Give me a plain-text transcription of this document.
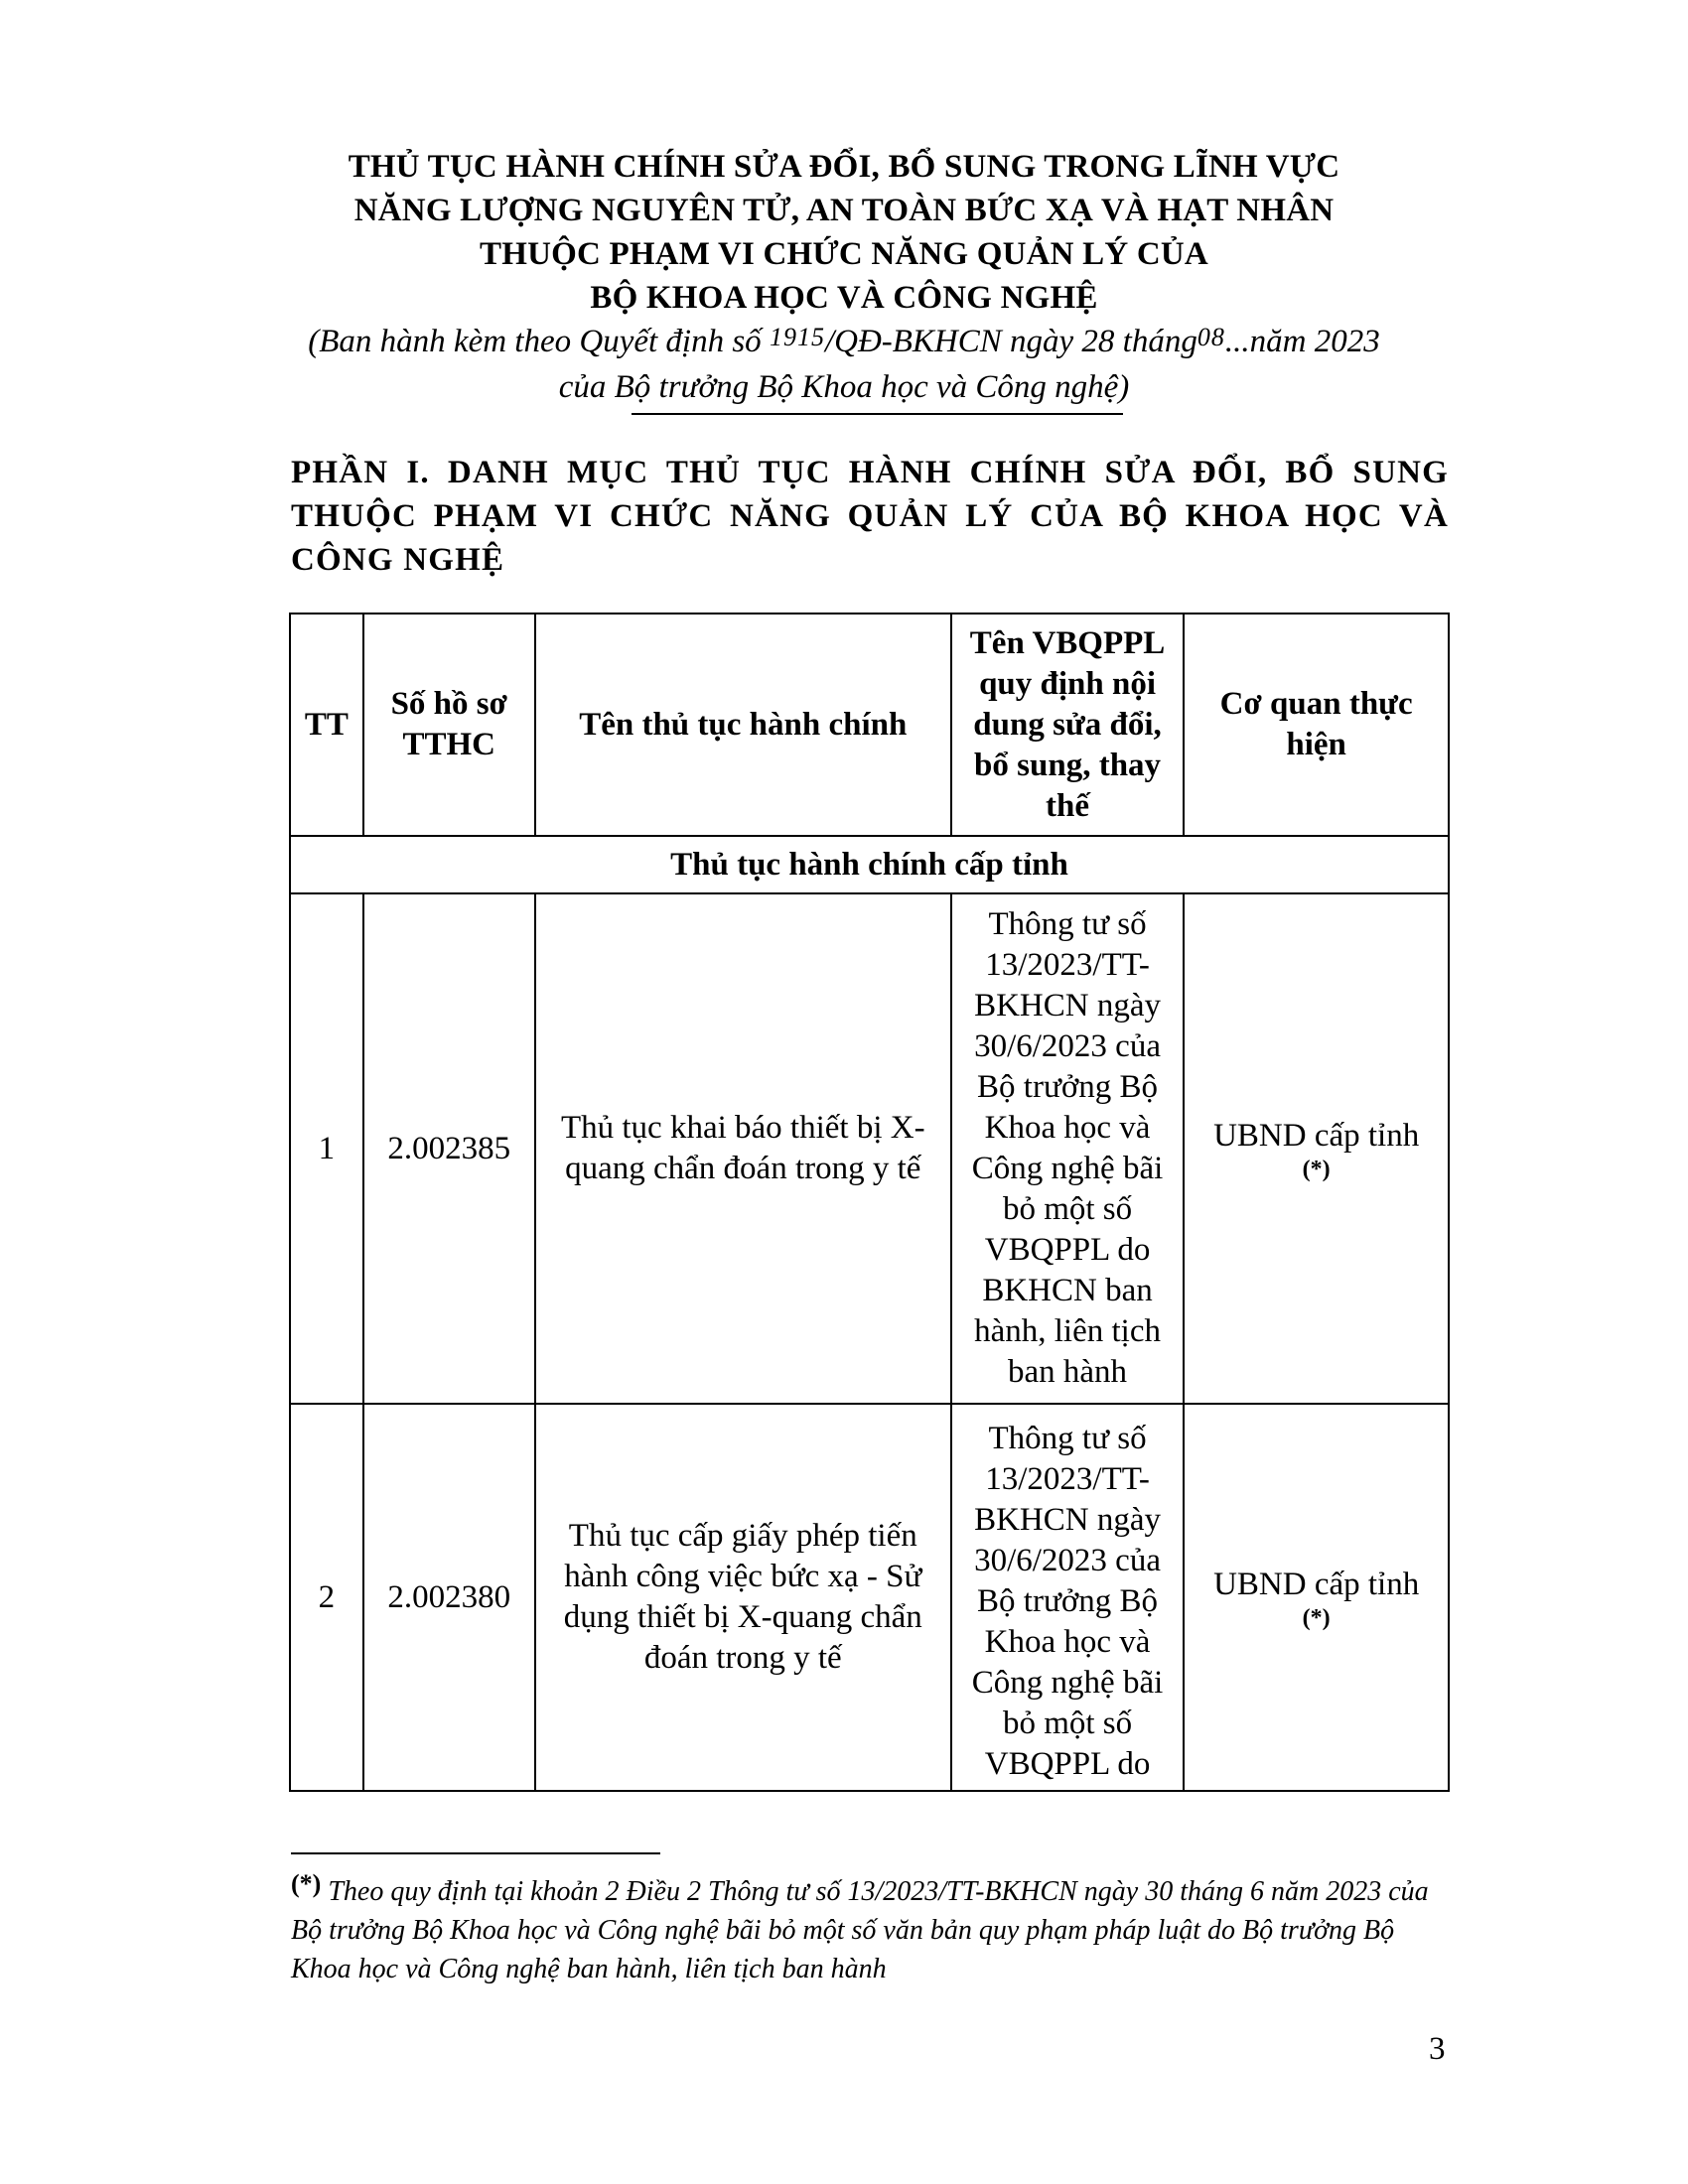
THỦ TỤC HÀNH CHÍNH SỬA ĐỔI, BỔ SUNG TRONG LĨNH VỰC
NĂNG LƯỢNG NGUYÊN TỬ, AN TOÀN BỨC XẠ VÀ HẠT NHÂN
THUỘC PHẠM VI CHỨC NĂNG QUẢN LÝ CỦA
BỘ KHOA HỌC VÀ CÔNG NGHỆ
(Ban hành kèm theo Quyết định số 1915/QĐ-BKHCN ngày 28 tháng08...năm 2023
của Bộ trưởng Bộ Khoa học và Công nghệ)
PHẦN I. DANH MỤC THỦ TỤC HÀNH CHÍNH SỬA ĐỔI, BỔ SUNG THUỘC PHẠM VI CHỨC NĂNG QUẢN LÝ CỦA BỘ KHOA HỌC VÀ CÔNG NGHỆ
TT	Số hồ sơ TTHC	Tên thủ tục hành chính	Tên VBQPPL quy định nội dung sửa đổi, bổ sung, thay thế	Cơ quan thực hiện
Thủ tục hành chính cấp tỉnh				
1	2.002385	Thủ tục khai báo thiết bị X-quang chẩn đoán trong y tế	Thông tư số 13/2023/TT-BKHCN ngày 30/6/2023 của Bộ trưởng Bộ Khoa học và Công nghệ bãi bỏ một số VBQPPL do BKHCN ban hành, liên tịch ban hành	UBND cấp tỉnh
(*)

2	2.002380	Thủ tục cấp giấy phép tiến hành công việc bức xạ - Sử dụng thiết bị X-quang chẩn đoán trong y tế	Thông tư số 13/2023/TT-BKHCN ngày 30/6/2023 của Bộ trưởng Bộ Khoa học và Công nghệ bãi bỏ một số VBQPPL do	UBND cấp tỉnh
(*)
(*) Theo quy định tại khoản 2 Điều 2 Thông tư số 13/2023/TT-BKHCN ngày 30 tháng 6 năm 2023 của Bộ trưởng Bộ Khoa học và Công nghệ bãi bỏ một số văn bản quy phạm pháp luật do Bộ trưởng Bộ Khoa học và Công nghệ ban hành, liên tịch ban hành
3
